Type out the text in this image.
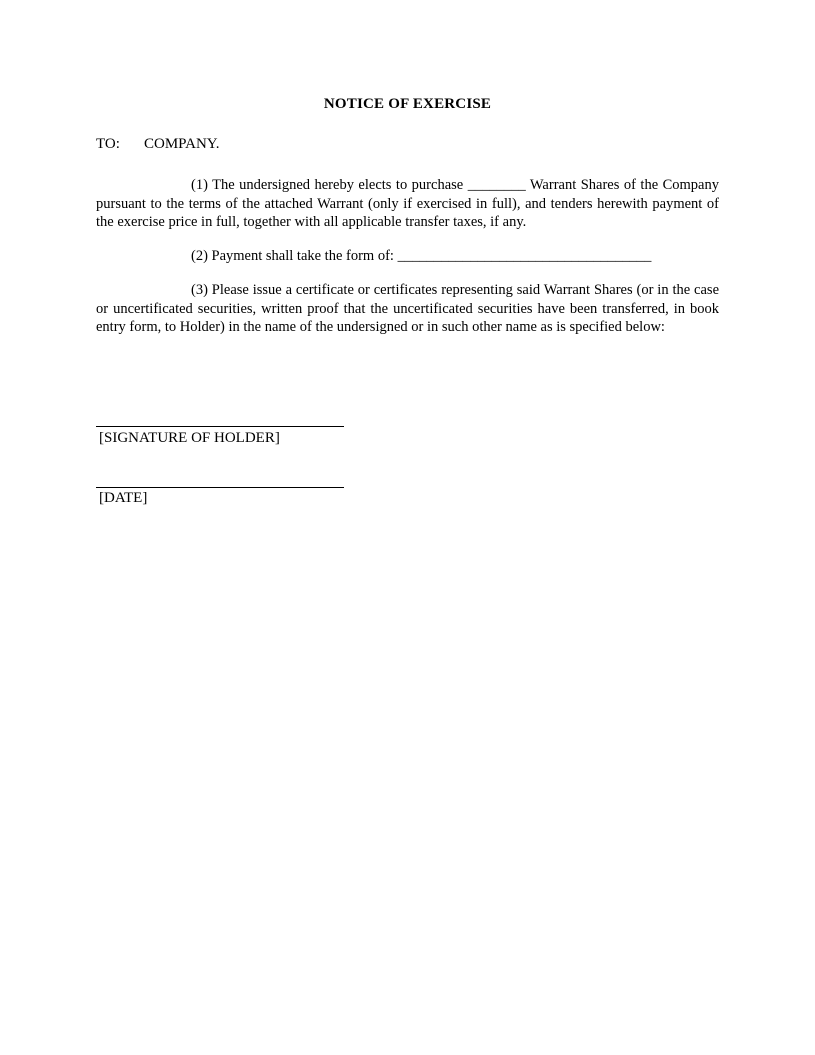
NOTICE OF EXERCISE
TO: COMPANY.

(1) The undersigned hereby elects to purchase ________ Warrant Shares of the Company pursuant to the terms of the attached Warrant (only if exercised in full), and tenders herewith payment of the exercise price in full, together with all applicable transfer taxes, if any.

(2) Payment shall take the form of: ___________________________________

(3) Please issue a certificate or certificates representing said Warrant Shares (or in the case or uncertificated securities, written proof that the uncertificated securities have been transferred, in book entry form, to Holder) in the name of the undersigned or in such other name as is specified below:

[SIGNATURE OF HOLDER]
[DATE]
